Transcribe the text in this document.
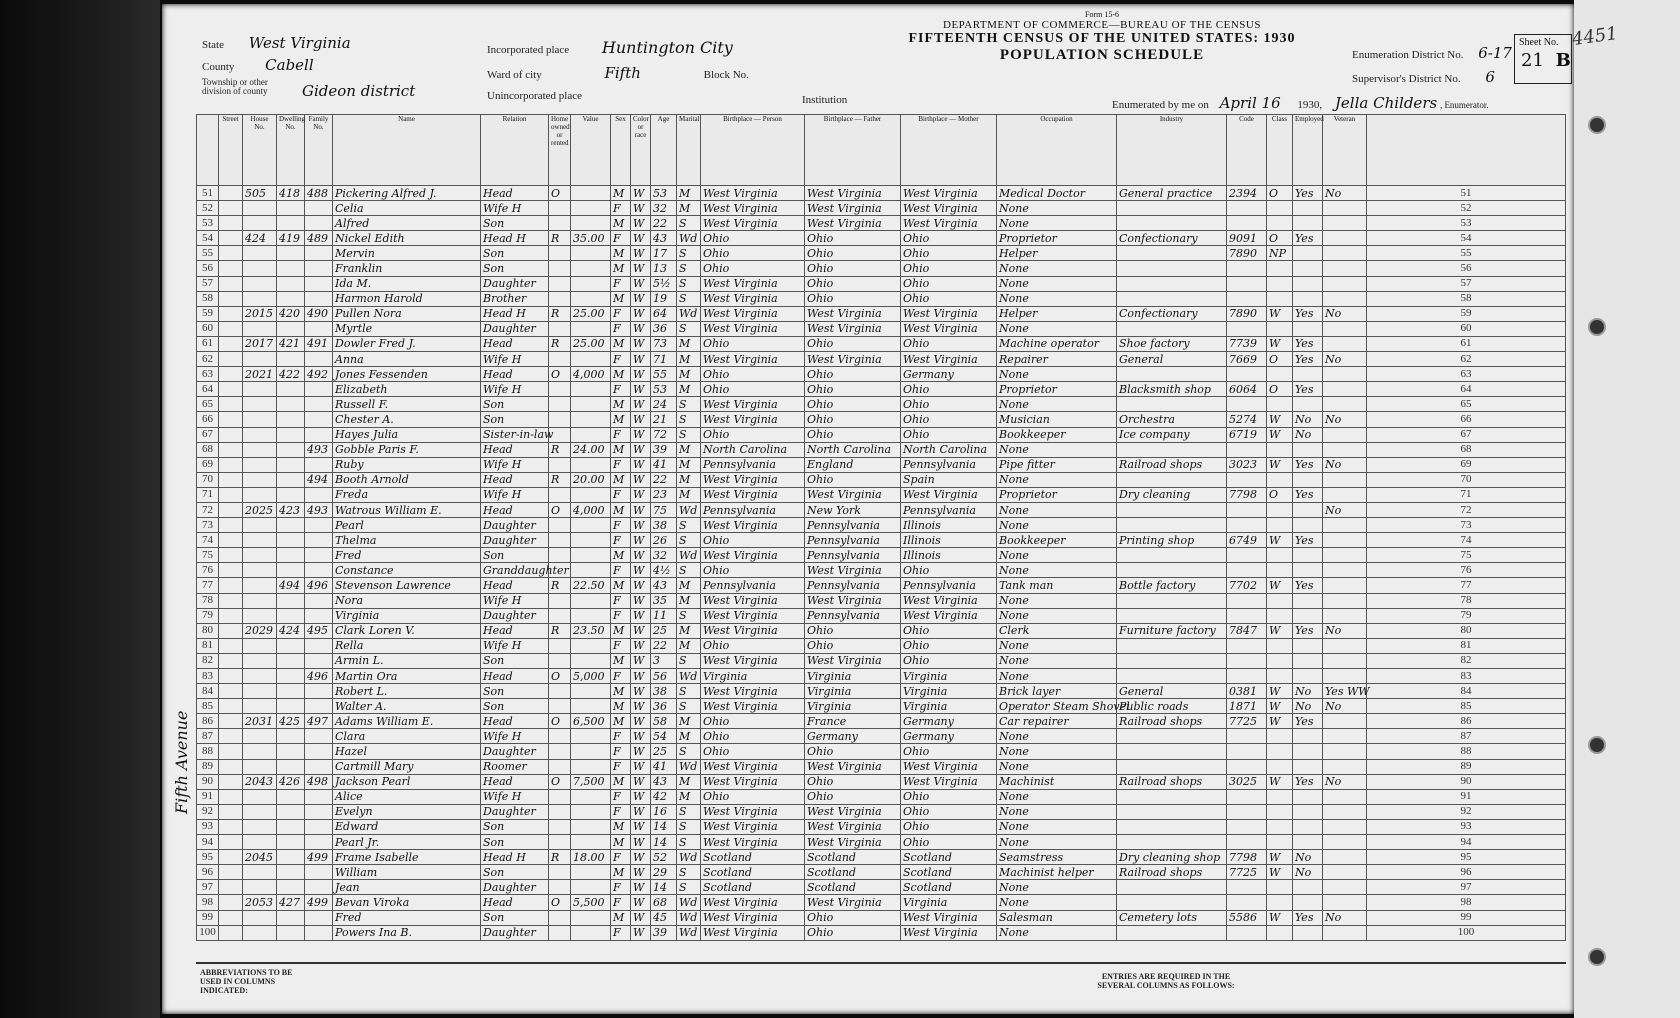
State West Virginia
County Cabell
Township or other division of county Gideon district
Incorporated place Huntington City
Ward of city	Fifth	Block No.
Unincorporated place
Form 15-6
DEPARTMENT OF COMMERCE—BUREAU OF THE CENSUS
FIFTEENTH CENSUS OF THE UNITED STATES: 1930
POPULATION SCHEDULE
Institution	Enumerated by me on April 16 1930, Jella Childers , Enumerator.
Enumeration District No. 6-17
Supervisor's District No. 6
Sheet No.
21 B
Fifth Avenue
	Street	House No.	Dwelling No.	Family No.	Name	Relation	Home owned or rented	Value	Sex	Color or race	Age	Marital	Birthplace — Person	Birthplace — Father	Birthplace — Mother	Occupation	Industry	Code	Class	Employed	Veteran	
51		505	418	488	Pickering Alfred J.	Head	O		M	W	53	M	West Virginia	West Virginia	West Virginia	Medical Doctor	General practice	2394	O	Yes	No	51
52					Celia	Wife H			F	W	32	M	West Virginia	West Virginia	West Virginia	None						52
53					Alfred	Son			M	W	22	S	West Virginia	West Virginia	West Virginia	None						53
54		424	419	489	Nickel Edith	Head H	R	35.00	F	W	43	Wd	Ohio	Ohio	Ohio	Proprietor	Confectionary	9091	O	Yes		54
55					Mervin	Son			M	W	17	S	Ohio	Ohio	Ohio	Helper		7890	NP			55
56					Franklin	Son			M	W	13	S	Ohio	Ohio	Ohio	None						56
57					Ida M.	Daughter			F	W	5½	S	West Virginia	Ohio	Ohio	None						57
58					Harmon Harold	Brother			M	W	19	S	West Virginia	Ohio	Ohio	None						58
59		2015	420	490	Pullen Nora	Head H	R	25.00	F	W	64	Wd	West Virginia	West Virginia	West Virginia	Helper	Confectionary	7890	W	Yes	No	59
60					Myrtle	Daughter			F	W	36	S	West Virginia	West Virginia	West Virginia	None						60
61		2017	421	491	Dowler Fred J.	Head	R	25.00	M	W	73	M	Ohio	Ohio	Ohio	Machine operator	Shoe factory	7739	W	Yes		61
62					Anna	Wife H			F	W	71	M	West Virginia	West Virginia	West Virginia	Repairer	General	7669	O	Yes	No	62
63		2021	422	492	Jones Fessenden	Head	O	4,000	M	W	55	M	Ohio	Ohio	Germany	None						63
64					Elizabeth	Wife H			F	W	53	M	Ohio	Ohio	Ohio	Proprietor	Blacksmith shop	6064	O	Yes		64
65					Russell F.	Son			M	W	24	S	West Virginia	Ohio	Ohio	None						65
66					Chester A.	Son			M	W	21	S	West Virginia	Ohio	Ohio	Musician	Orchestra	5274	W	No	No	66
67					Hayes Julia	Sister-in-law			F	W	72	S	Ohio	Ohio	Ohio	Bookkeeper	Ice company	6719	W	No		67
68				493	Gobble Paris F.	Head	R	24.00	M	W	39	M	North Carolina	North Carolina	North Carolina	None						68
69					Ruby	Wife H			F	W	41	M	Pennsylvania	England	Pennsylvania	Pipe fitter	Railroad shops	3023	W	Yes	No	69
70				494	Booth Arnold	Head	R	20.00	M	W	22	M	West Virginia	Ohio	Spain	None						70
71					Freda	Wife H			F	W	23	M	West Virginia	West Virginia	West Virginia	Proprietor	Dry cleaning	7798	O	Yes		71
72		2025	423	493	Watrous William E.	Head	O	4,000	M	W	75	Wd	Pennsylvania	New York	Pennsylvania	None					No	72
73					Pearl	Daughter			F	W	38	S	West Virginia	Pennsylvania	Illinois	None						73
74					Thelma	Daughter			F	W	26	S	Ohio	Pennsylvania	Illinois	Bookkeeper	Printing shop	6749	W	Yes		74
75					Fred	Son			M	W	32	Wd	West Virginia	Pennsylvania	Illinois	None						75
76					Constance	Granddaughter			F	W	4½	S	Ohio	West Virginia	Ohio	None						76
77			494	496	Stevenson Lawrence	Head	R	22.50	M	W	43	M	Pennsylvania	Pennsylvania	Pennsylvania	Tank man	Bottle factory	7702	W	Yes		77
78					Nora	Wife H			F	W	35	M	West Virginia	West Virginia	West Virginia	None						78
79					Virginia	Daughter			F	W	11	S	West Virginia	Pennsylvania	West Virginia	None						79
80		2029	424	495	Clark Loren V.	Head	R	23.50	M	W	25	M	West Virginia	Ohio	Ohio	Clerk	Furniture factory	7847	W	Yes	No	80
81					Rella	Wife H			F	W	22	M	Ohio	Ohio	Ohio	None						81
82					Armin L.	Son			M	W	3	S	West Virginia	West Virginia	Ohio	None						82
83				496	Martin Ora	Head	O	5,000	F	W	56	Wd	Virginia	Virginia	Virginia	None						83
84					Robert L.	Son			M	W	38	S	West Virginia	Virginia	Virginia	Brick layer	General	0381	W	No	Yes WW	84
85					Walter A.	Son			M	W	36	S	West Virginia	Virginia	Virginia	Operator Steam Shovel	Public roads	1871	W	No	No	85
86		2031	425	497	Adams William E.	Head	O	6,500	M	W	58	M	Ohio	France	Germany	Car repairer	Railroad shops	7725	W	Yes		86
87					Clara	Wife H			F	W	54	M	Ohio	Germany	Germany	None						87
88					Hazel	Daughter			F	W	25	S	Ohio	Ohio	Ohio	None						88
89					Cartmill Mary	Roomer			F	W	41	Wd	West Virginia	West Virginia	West Virginia	None						89
90		2043	426	498	Jackson Pearl	Head	O	7,500	M	W	43	M	West Virginia	Ohio	West Virginia	Machinist	Railroad shops	3025	W	Yes	No	90
91					Alice	Wife H			F	W	42	M	Ohio	Ohio	Ohio	None						91
92					Evelyn	Daughter			F	W	16	S	West Virginia	West Virginia	Ohio	None						92
93					Edward	Son			M	W	14	S	West Virginia	West Virginia	Ohio	None						93
94					Pearl Jr.	Son			M	W	14	S	West Virginia	West Virginia	Ohio	None						94
95		2045		499	Frame Isabelle	Head H	R	18.00	F	W	52	Wd	Scotland	Scotland	Scotland	Seamstress	Dry cleaning shop	7798	W	No		95
96					William	Son			M	W	29	S	Scotland	Scotland	Scotland	Machinist helper	Railroad shops	7725	W	No		96
97					Jean	Daughter			F	W	14	S	Scotland	Scotland	Scotland	None						97
98		2053	427	499	Bevan Viroka	Head	O	5,500	F	W	68	Wd	West Virginia	West Virginia	Virginia	None						98
99					Fred	Son			M	W	45	Wd	West Virginia	Ohio	West Virginia	Salesman	Cemetery lots	5586	W	Yes	No	99
100					Powers Ina B.	Daughter			F	W	39	Wd	West Virginia	Ohio	West Virginia	None						100
ABBREVIATIONS TO BE USED IN COLUMNS INDICATED:
ENTRIES ARE REQUIRED IN THE SEVERAL COLUMNS AS FOLLOWS:
4451
